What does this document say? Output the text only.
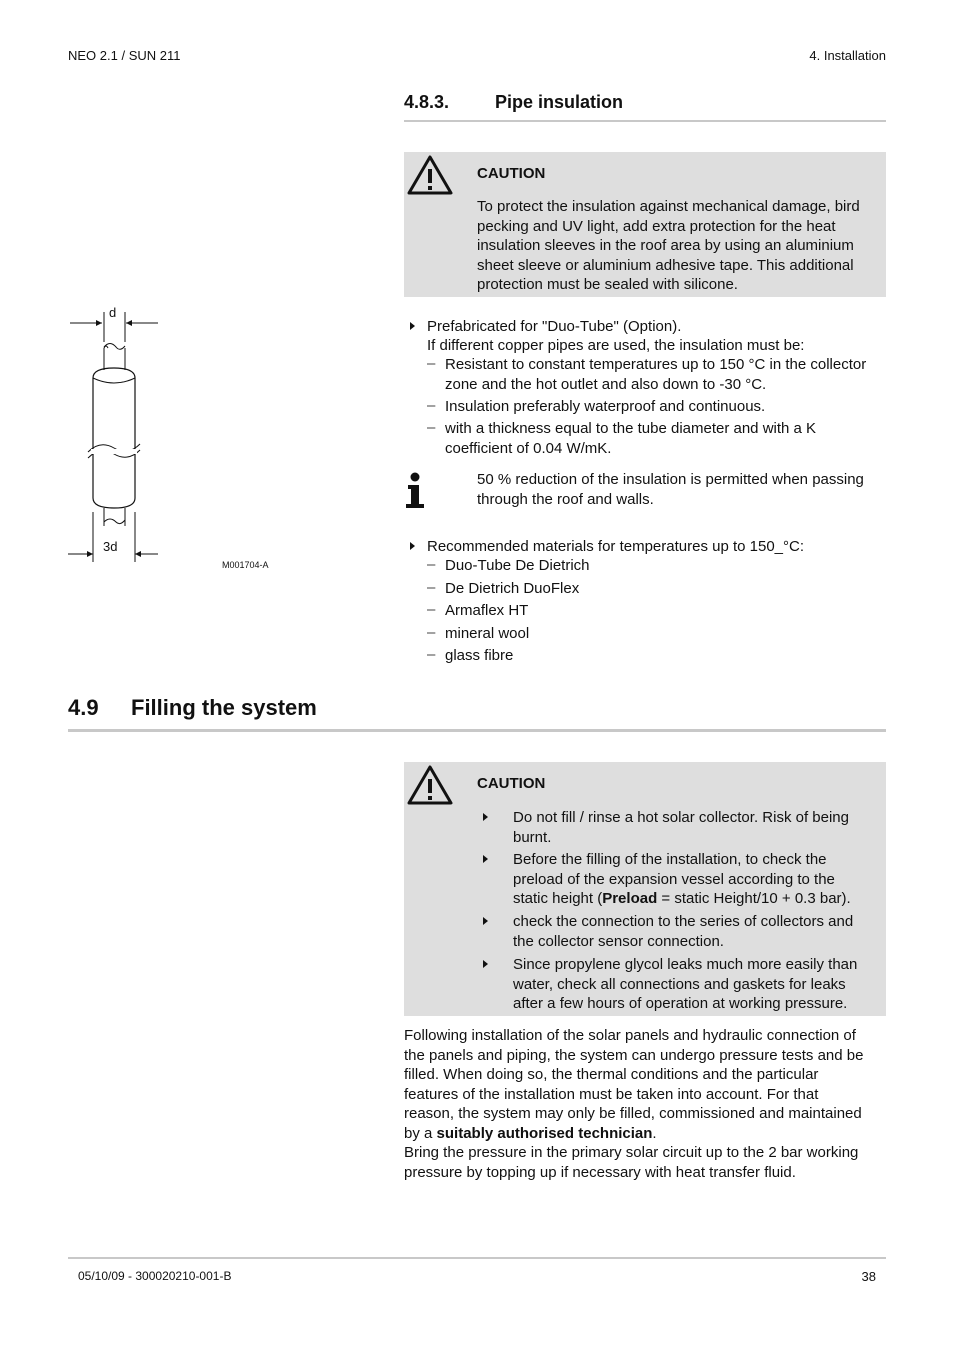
NEO 2.1 / SUN 211	4. Installation
4.8.3.	Pipe insulation
CAUTION
To protect the insulation against mechanical damage, bird
pecking and UV light, add extra protection for the heat
insulation sleeves in the roof area by using an aluminium
sheet sleeve or aluminium adhesive tape. This additional
protection must be sealed with silicone.
d
3d
M001704-A
Prefabricated for "Duo-Tube" (Option).
If different copper pipes are used, the insulation must be:
– Resistant to constant temperatures up to 150 °C in the collector
zone and the hot outlet and also down to -30 °C.
– Insulation preferably waterproof and continuous.
– with a thickness equal to the tube diameter and with a K
coefficient of 0.04 W/mK.
50 % reduction of the insulation is permitted when passing
through the roof and walls.
Recommended materials for temperatures up to 150_°C:
– Duo-Tube De Dietrich
– De Dietrich DuoFlex
– Armaflex HT
– mineral wool
– glass fibre
4.9 Filling the system
CAUTION
Do not fill / rinse a hot solar collector. Risk of being
burnt.
Before the filling of the installation, to check the
preload of the expansion vessel according to the
static height (Preload = static Height/10 + 0.3 bar).
check the connection to the series of collectors and
the collector sensor connection.
Since propylene glycol leaks much more easily than
water, check all connections and gaskets for leaks
after a few hours of operation at working pressure.
Following installation of the solar panels and hydraulic connection of
the panels and piping, the system can undergo pressure tests and be
filled. When doing so, the thermal conditions and the particular
features of the installation must be taken into account. For that
reason, the system may only be filled, commissioned and maintained
by a suitably authorised technician.
Bring the pressure in the primary solar circuit up to the 2 bar working
pressure by topping up if necessary with heat transfer fluid.
05/10/09 - 300020210-001-B	38
